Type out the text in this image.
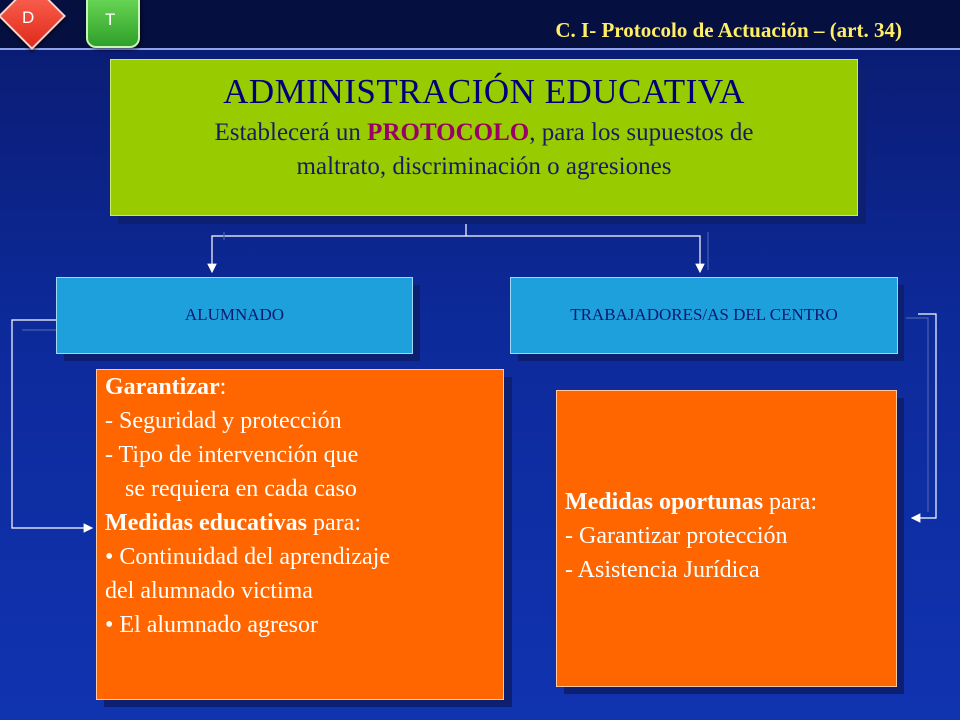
D	T	C. I- Protocolo de Actuación – (art. 34)
ADMINISTRACIÓN EDUCATIVA
Establecerá un PROTOCOLO, para los supuestos de
maltrato, discriminación o agresiones
ALUMNADO	TRABAJADORES/AS DEL CENTRO
Garantizar:
- Seguridad y protección
- Tipo de intervención que
se requiera en cada caso
Medidas educativas para:
• Continuidad del aprendizaje
del alumnado victima
• El alumnado agresor
Medidas oportunas para:
- Garantizar protección
- Asistencia Jurídica
